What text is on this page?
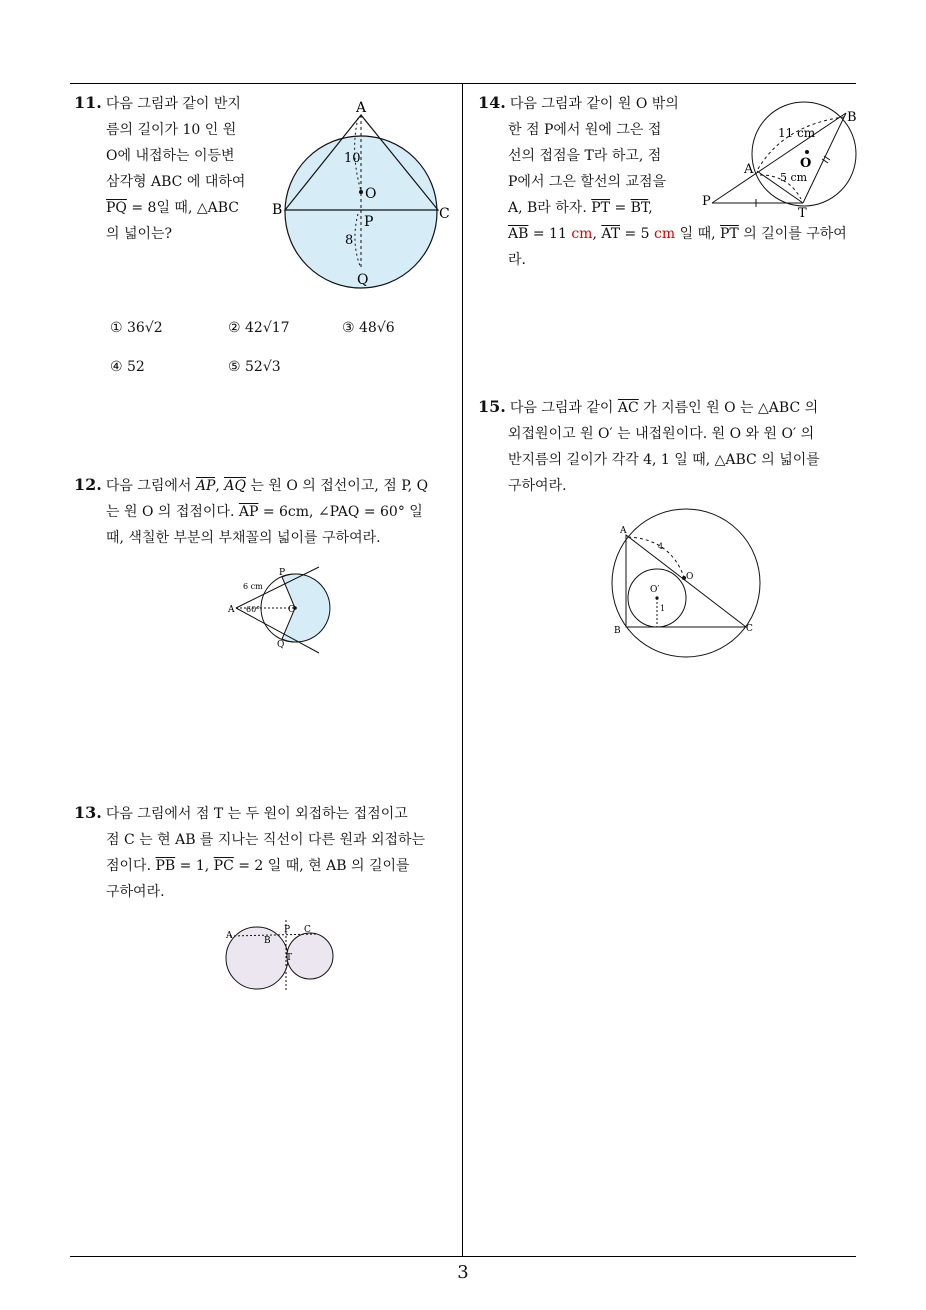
11. 다음 그림과 같이 반지
름의 길이가 10 인 원
O에 내접하는 이등변
삼각형 ABC 에 대하여
$\overline{PQ} = 8$일 때, △ABC
의 넓이는?
A
B	C
O
P
Q
10
8
① 36√2	② 42√17	③ 48√6
④ 52	⑤ 52√3
12. 다음 그림에서 AP, AQ 는 원 O 의 접선이고, 점 P, Q
는 원 O 의 접점이다. $\overline{AP} = 6cm$, ∠PAQ = 60° 일
때, 색칠한 부분의 부채꼴의 넓이를 구하여라.
A
P
Q
O
6 cm
60°
13. 다음 그림에서 점 T 는 두 원이 외접하는 접점이고
점 C 는 현 AB 를 지나는 직선이 다른 원과 외접하는
점이다. $\overline{PB} = 1$, $\overline{PC} = 2$ 일 때, 현 AB 의 길이를
구하여라.
A	B
P C
T
14. 다음 그림과 같이 원 O 밖의
한 점 P에서 원에 그은 접
선의 접점을 T라 하고, 점
P에서 그은 할선의 교점을
A, B라 하자. $\overline{PT} = \overline{BT}$,
$\overline{AB} = 11$ cm, $\overline{AT} = 5$ cm 일 때, $\overline{PT}$ 의 길이를 구하여
라.
B
A	O
P
T
11 cm
5 cm
15. 다음 그림과 같이 $\overline{AC}$ 가 지름인 원 O 는 △ABC 의
외접원이고 원 O′ 는 내접원이다. 원 O 와 원 O′ 의
반지름의 길이가 각각 4, 1 일 때, △ABC 의 넓이를
구하여라.
A
B	C
O
O′
4
1
3
